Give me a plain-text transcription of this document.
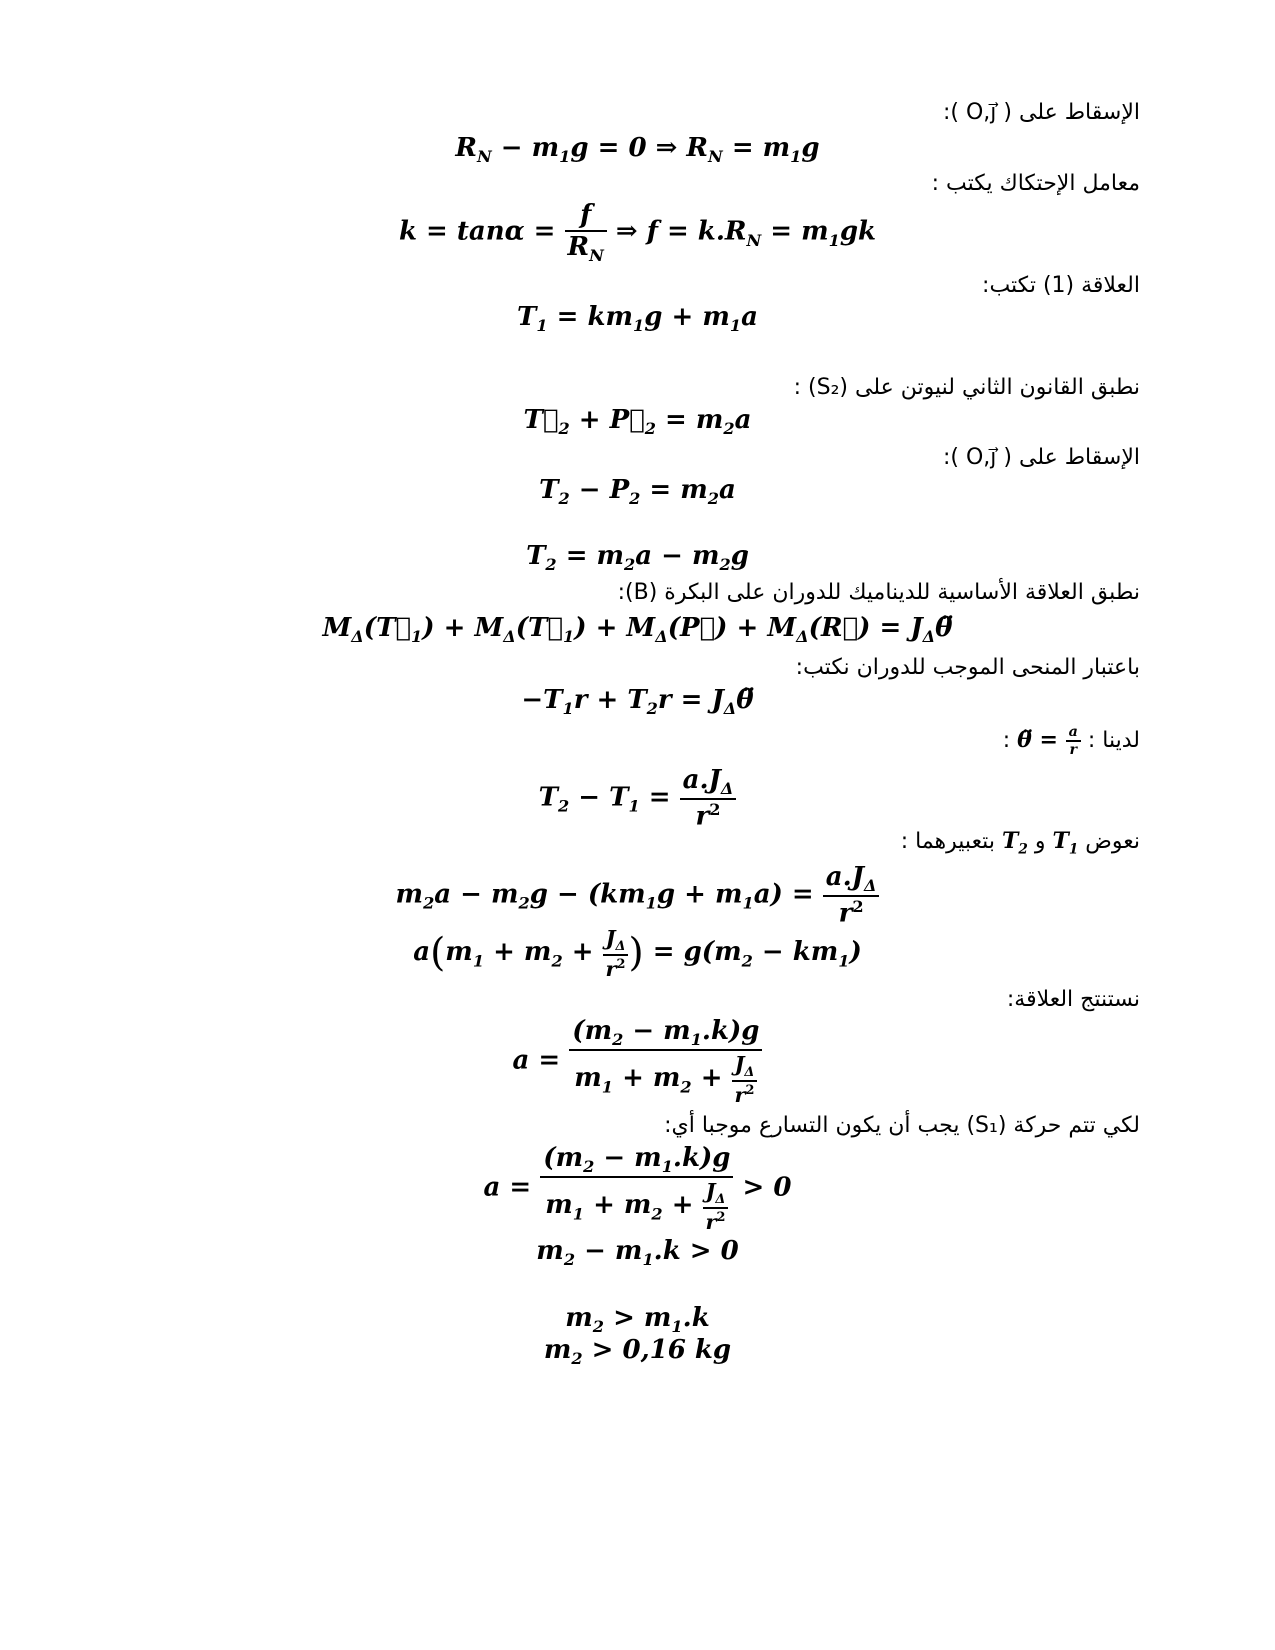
الإسقاط على ( O,j⃗ ):
معامل الإحتكاك يكتب :
العلاقة (1) تكتب:
نطبق القانون الثاني لنيوتن على (S₂) :
الإسقاط على ( O,j⃗ ):
نطبق العلاقة الأساسية للديناميك للدوران على البكرة (B):
باعتبار المنحى الموجب للدوران نكتب:
لدينا : θ̈ = $\frac{a}{r}$
:
نعوض $T_1$ و $T_2$ بتعبيرهما :
نستنتج العلاقة:
لكي تتم حركة (S₁) يجب أن يكون التسارع موجبا أي:
$R_N - m_1g = 0$ ⇒ $R_N = m_1g$
$k = \tan\alpha = \frac{f}{R_N}$ ⇒ $f = k.R_N = m_1gk$
$T_1 = km_1g + m_1a$
$T⃗_2$ + $P⃗_2 = m_2a$
$T_2 - P_2 = m_2a$
$T_2 = m_2a - m_2g$
$M_\Delta(T⃗_1)$ + $M_\Delta(T⃗_1)$ + $M_\Delta(P⃗)$ + $M_\Delta(R⃗)$ = $J_\Delta\thetä$
$-T_1r + T_2r$ = $J_\Delta\thetä$
$T_2 - T_1 = \frac{a.J_\Delta}{r^2}$
$m_2a - m_2g - (km_1g + m_1a) = \frac{a.J_\Delta}{r^2}$
$a(m_1 + m_2 + \frac{J_\Delta}{r^2}$ ) = $g(m_2 - km_1)$
$a = \frac{(m_2 - m_1.k)g}{m_1 + m_2 + \frac{J_\Delta}{r^2}}$
$a = \frac{(m_2 - m_1.k)g}{m_1 + m_2 + \frac{J_\Delta}{r^2}} > 0$
$m_2 - m_1.k > 0$
$m_2 > m_1.k$
$m_2 > 0,16$ kg
